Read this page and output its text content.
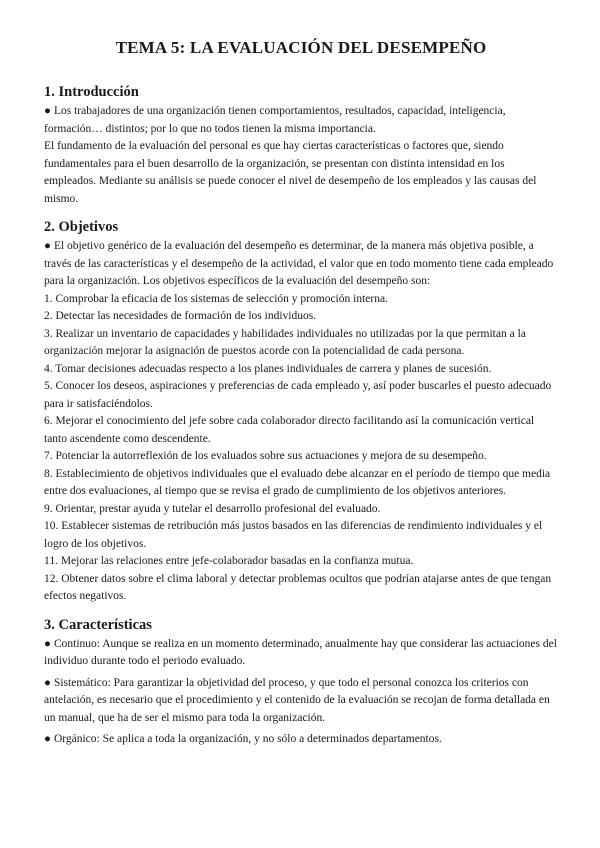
TEMA 5: LA EVALUACIÓN DEL DESEMPEÑO
1. Introducción

● Los trabajadores de una organización tienen comportamientos, resultados, capacidad, inteligencia, formación… distintos; por lo que no todos tienen la misma importancia.

El fundamento de la evaluación del personal es que hay ciertas características o factores que, siendo fundamentales para el buen desarrollo de la organización, se presentan con distinta intensidad en los empleados. Mediante su análisis se puede conocer el nivel de desempeño de los empleados y las causas del mismo.

2. Objetivos

● El objetivo genérico de la evaluación del desempeño es determinar, de la manera más objetiva posible, a través de las características y el desempeño de la actividad, el valor que en todo momento tiene cada empleado para la organización. Los objetivos específicos de la evaluación del desempeño son:

1. Comprobar la eficacia de los sistemas de selección y promoción interna.

2. Detectar las necesidades de formación de los individuos.

3. Realizar un inventario de capacidades y habilidades individuales no utilizadas por la que permitan a la organización mejorar la asignación de puestos acorde con la potencialidad de cada persona.

4. Tomar decisiones adecuadas respecto a los planes individuales de carrera y planes de sucesión.

5. Conocer los deseos, aspiraciones y preferencias de cada empleado y, así poder buscarles el puesto adecuado para ir satisfaciéndolos.

6. Mejorar el conocimiento del jefe sobre cada colaborador directo facilitando así la comunicación vertical tanto ascendente como descendente.

7. Potenciar la autorreflexión de los evaluados sobre sus actuaciones y mejora de su desempeño.

8. Establecimiento de objetivos individuales que el evaluado debe alcanzar en el período de tiempo que media entre dos evaluaciones, al tiempo que se revisa el grado de cumplimiento de los objetivos anteriores.

9. Orientar, prestar ayuda y tutelar el desarrollo profesional del evaluado.

10. Establecer sistemas de retribución más justos basados en las diferencias de rendimiento individuales y el logro de los objetivos.

11. Mejorar las relaciones entre jefe-colaborador basadas en la confianza mutua.

12. Obtener datos sobre el clima laboral y detectar problemas ocultos que podrían atajarse antes de que tengan efectos negativos.

3. Características

● Continuo: Aunque se realiza en un momento determinado, anualmente hay que considerar las actuaciones del individuo durante todo el periodo evaluado.

● Sistemático: Para garantizar la objetividad del proceso, y que todo el personal conozca los criterios con antelación, es necesario que el procedimiento y el contenido de la evaluación se recojan de forma detallada en un manual, que ha de ser el mismo para toda la organización.

● Orgánico: Se aplica a toda la organización, y no sólo a determinados departamentos.
